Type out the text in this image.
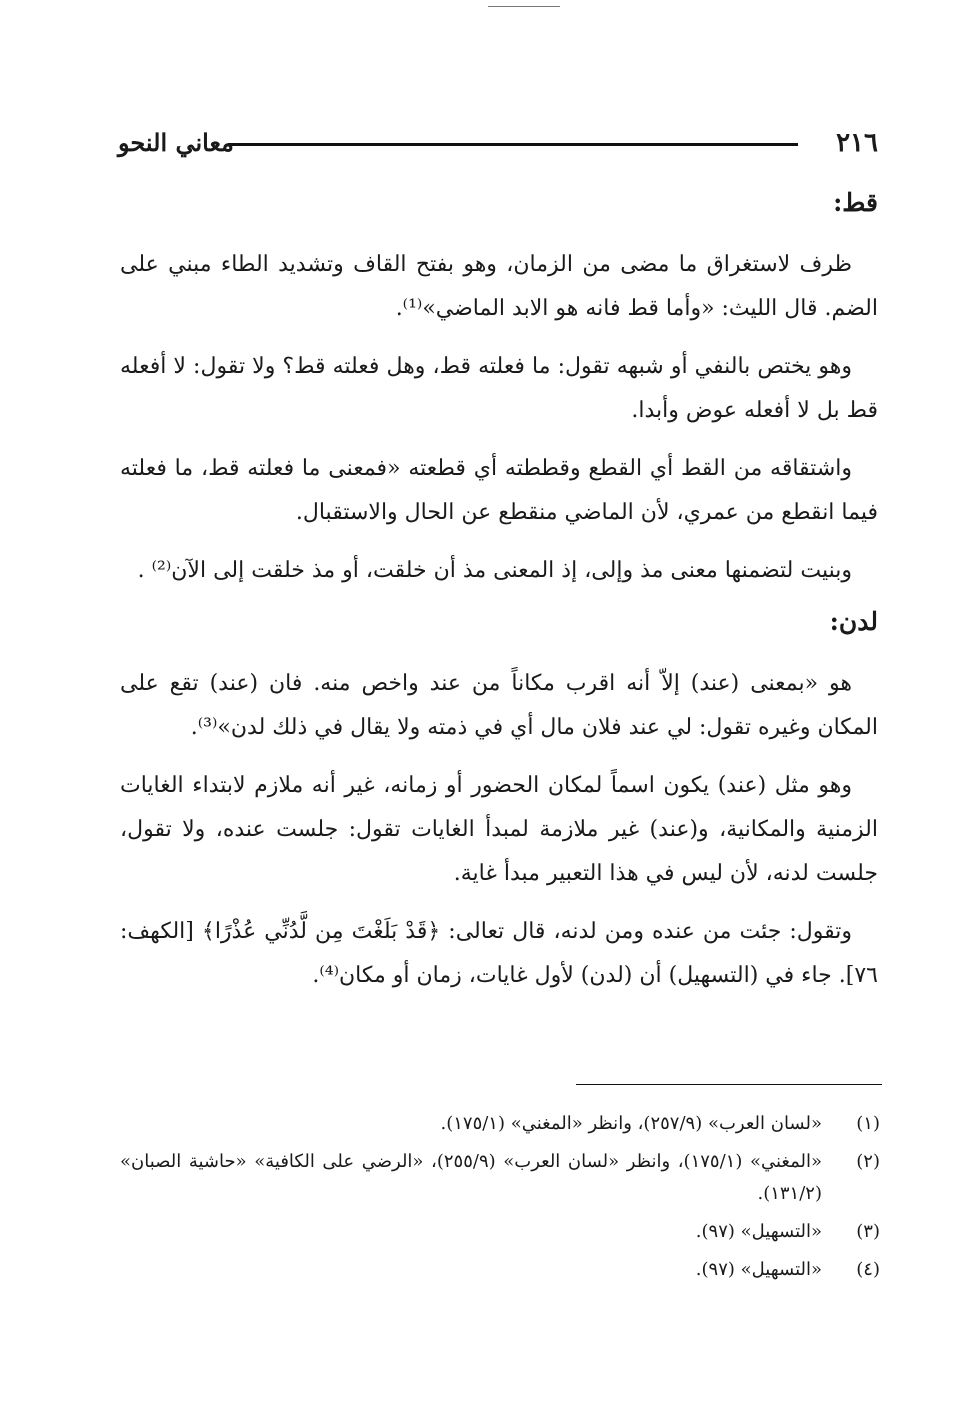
٢١٦
معاني النحو
قط:

ظرف لاستغراق ما مضى من الزمان، وهو بفتح القاف وتشديد الطاء مبني على الضم. قال الليث: «وأما قط فانه هو الابد الماضي»⁽¹⁾.

وهو يختص بالنفي أو شبهه تقول: ما فعلته قط، وهل فعلته قط؟ ولا تقول: لا أفعله قط بل لا أفعله عوض وأبدا.

واشتقاقه من القط أي القطع وقططته أي قطعته «فمعنى ما فعلته قط، ما فعلته فيما انقطع من عمري، لأن الماضي منقطع عن الحال والاستقبال.

وبنيت لتضمنها معنى مذ وإلى، إذ المعنى مذ أن خلقت، أو مذ خلقت إلى الآن⁽²⁾ .

لدن:

هو «بمعنى (عند) إلاّ أنه اقرب مكاناً من عند واخص منه. فان (عند) تقع على المكان وغيره تقول: لي عند فلان مال أي في ذمته ولا يقال في ذلك لدن»⁽³⁾.

وهو مثل (عند) يكون اسماً لمكان الحضور أو زمانه، غير أنه ملازم لابتداء الغايات الزمنية والمكانية، و(عند) غير ملازمة لمبدأ الغايات تقول: جلست عنده، ولا تقول، جلست لدنه، لأن ليس في هذا التعبير مبدأ غاية.

وتقول: جئت من عنده ومن لدنه، قال تعالى: ﴿قَدْ بَلَغْتَ مِن لَّدُنِّي عُذْرًا﴾ [الكهف: ٧٦]. جاء في (التسهيل) أن (لدن) لأول غايات، زمان أو مكان⁽⁴⁾.

(١)
«لسان العرب» (٢٥٧/٩)، وانظر «المغني» (١٧٥/١).
(٢)
«المغني» (١٧٥/١)، وانظر «لسان العرب» (٢٥٥/٩)، «الرضي على الكافية» «حاشية الصبان» (١٣١/٢).
(٣)
«التسهيل» (٩٧).
(٤)
«التسهيل» (٩٧).
